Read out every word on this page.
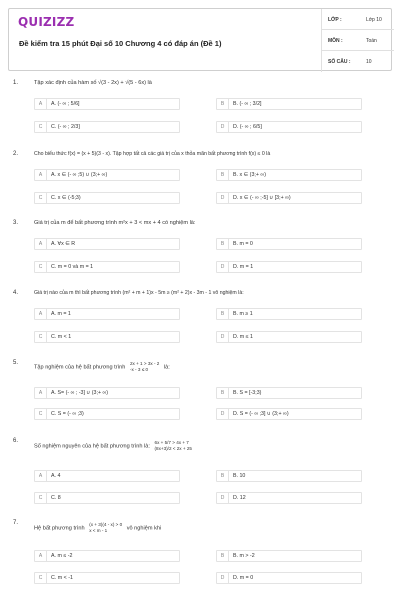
QUIZIZZ
Đề kiểm tra 15 phút Đại số 10 Chương 4 có đáp án (Đề 1)
LỚP :	Lớp 10
MÔN :	Toán
SỐ CÂU :	10
1.	Tập xác định của hàm số √(3 - 2x) + √(5 - 6x) là
A	A. (- ∞ ; 5/6]	B	B. (- ∞ ; 3/2]
C	C. (- ∞ ; 2/3]	D	D. (- ∞ ; 6/5]
2.	Cho biểu thức f(x) = (x + 5)(3 - x). Tập hợp tất cả các giá trị của x thỏa mãn bất phương trình f(x) ≤ 0 là
A	A. x ∈ (- ∞ ;5) ∪ (3;+ ∞)	B	B. x ∈ (3;+ ∞)
C	C. x ∈ (-5;3)	D	D. x ∈ (- ∞ ;-5] ∪ [3;+ ∞)
3.	Giá trị của m để bất phương trình m²x + 3 < mx + 4 có nghiệm là:
A	A. ∀x ∈ R	B	B. m = 0
C	C. m = 0 và m = 1	D	D. m = 1
4.	Giá trị nào của m thì bất phương trình (m² + m + 1)x - 5m ≥ (m² + 2)x - 3m - 1 vô nghiệm là:
A	A. m = 1	B	B. m ≥ 1
C	C. m < 1	D	D. m ≤ 1
5.
Tập nghiệm của hệ bất phương trình
2x + 1 > 3x - 2
-x - 3 ≤ 0	là:
A	A. S= (- ∞ ; -3] ∪ (3;+ ∞)	B	B. S = [-3;3)
C	C. S = (- ∞ ;3)	D	D. S = (- ∞ ;3] ∪ (3;+ ∞)
6.
Số nghiệm nguyên của hệ bất phương trình là:
6x + 5/7 > 4x + 7
(8x+3)/2 < 2x + 25
A	A. 4	B	B. 10
C	C. 8	D	D. 12
7.
Hệ bất phương trình
(x + 3)(4 - x) > 0
x < m - 1	vô nghiệm khi
A	A. m ≤ -2	B	B. m > -2
C	C. m < -1	D	D. m = 0
